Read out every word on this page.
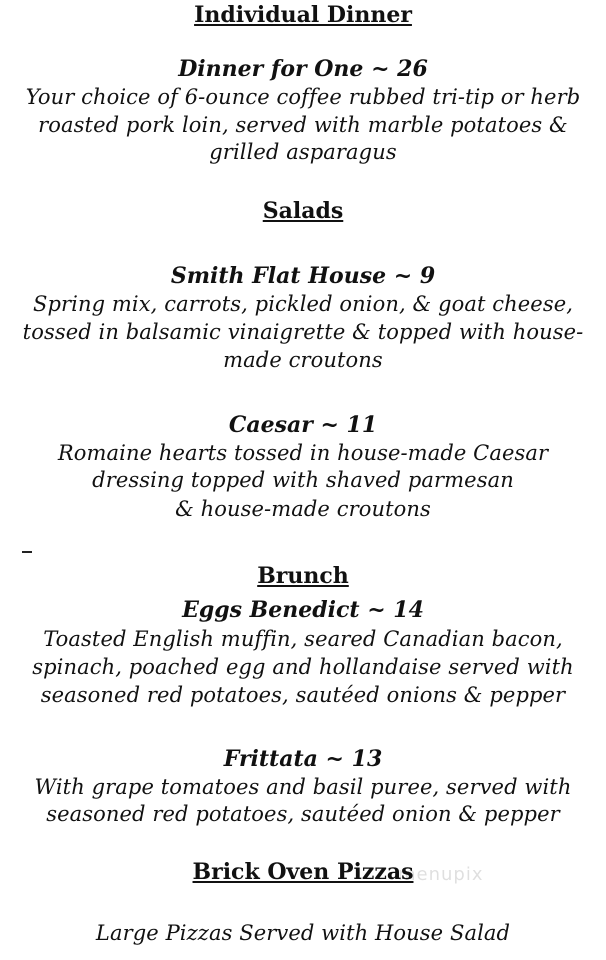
Individual Dinner
Dinner for One ~ 26
Your choice of 6-ounce coffee rubbed tri-tip or herb
roasted pork loin, served with marble potatoes &
grilled asparagus
Salads
Smith Flat House ~ 9
Spring mix, carrots, pickled onion, & goat cheese,
tossed in balsamic vinaigrette & topped with house-
made croutons
Caesar ~ 11
Romaine hearts tossed in house-made Caesar
dressing topped with shaved parmesan
& house-made croutons
Brunch
Eggs Benedict ~ 14
Toasted English muffin, seared Canadian bacon,
spinach, poached egg and hollandaise served with
seasoned red potatoes, sautéed onions & pepper
Frittata ~ 13
With grape tomatoes and basil puree, served with
seasoned red potatoes, sautéed onion & pepper
Brick Oven Pizzas
Large Pizzas Served with House Salad
menupix
